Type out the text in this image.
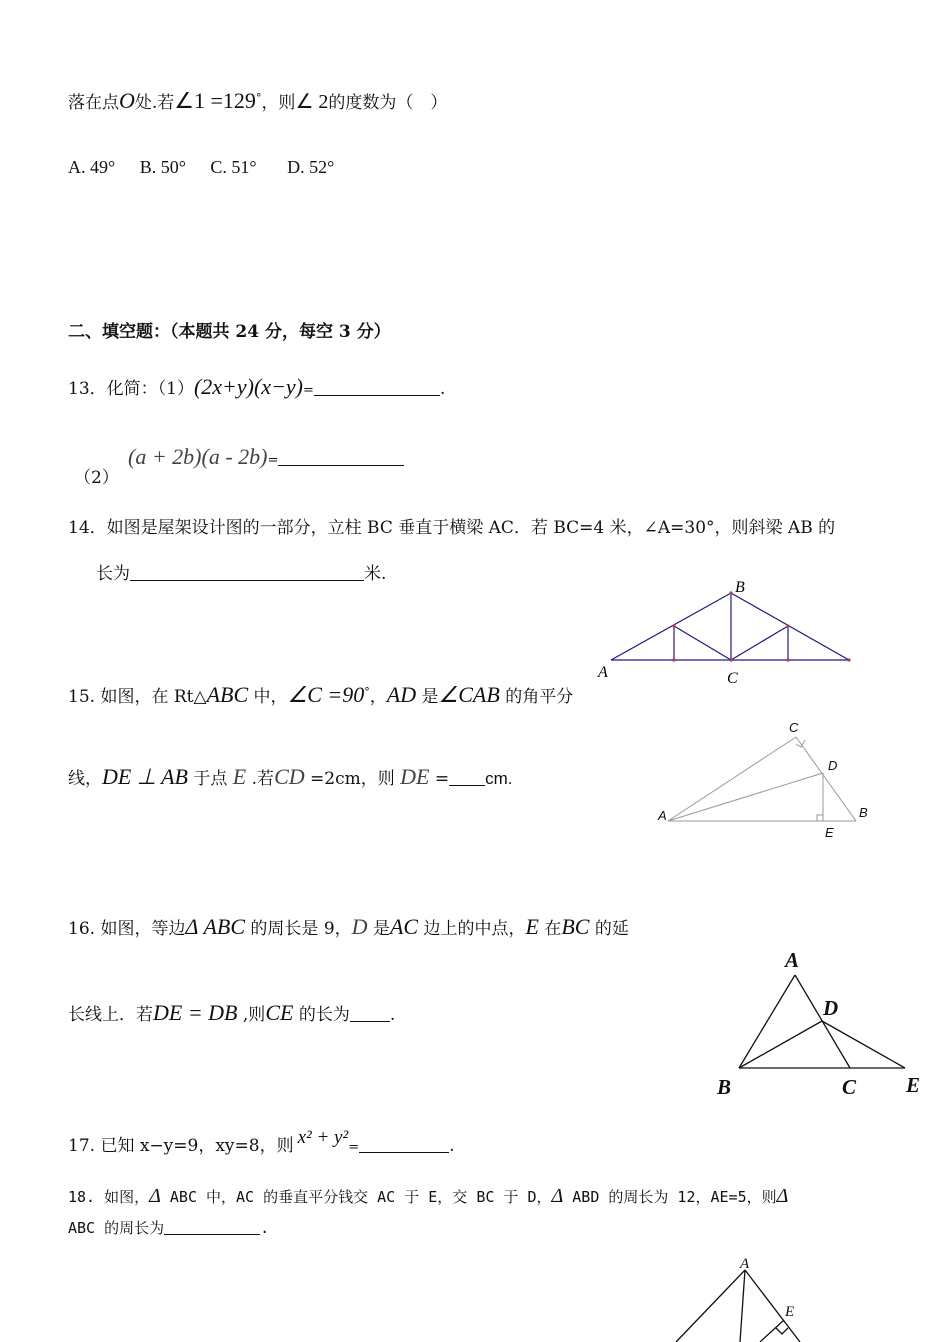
落在点O处.若∠1 =129°，则∠ 2的度数为（　）
A. 49° B. 50° C. 51° D. 52°
二、填空题：（本题共 24 分，每空 3 分）
13．化简：（1）(2x+y)(x−y)=	.
（2）
(a + 2b)(a - 2b)=
14．如图是屋架设计图的一部分，立柱 BC 垂直于横梁 AC．若 BC=4 米，∠A=30°，则斜梁 AB 的
长为	米.
A
B
C
15. 如图，在 Rt△ABC 中，∠C =90°，AD 是∠CAB 的角平分
线，DE ⊥ AB 于点 E .若CD =2cm，则 DE = cm.
A
C
D
B
E
16. 如图，等边Δ ABC 的周长是 9，D 是AC 边上的中点，E 在BC 的延
长线上．若DE = DB ,则CE 的长为 .
A
D
B	C E
17. 已知 x−y=9，xy=8，则 x² + y²=	.
18. 如图，Δ ABC 中，AC 的垂直平分钱交 AC 于 E，交 BC 于 D，Δ ABD 的周长为 12，AE=5，则Δ
ABC 的周长为	.
A
E
